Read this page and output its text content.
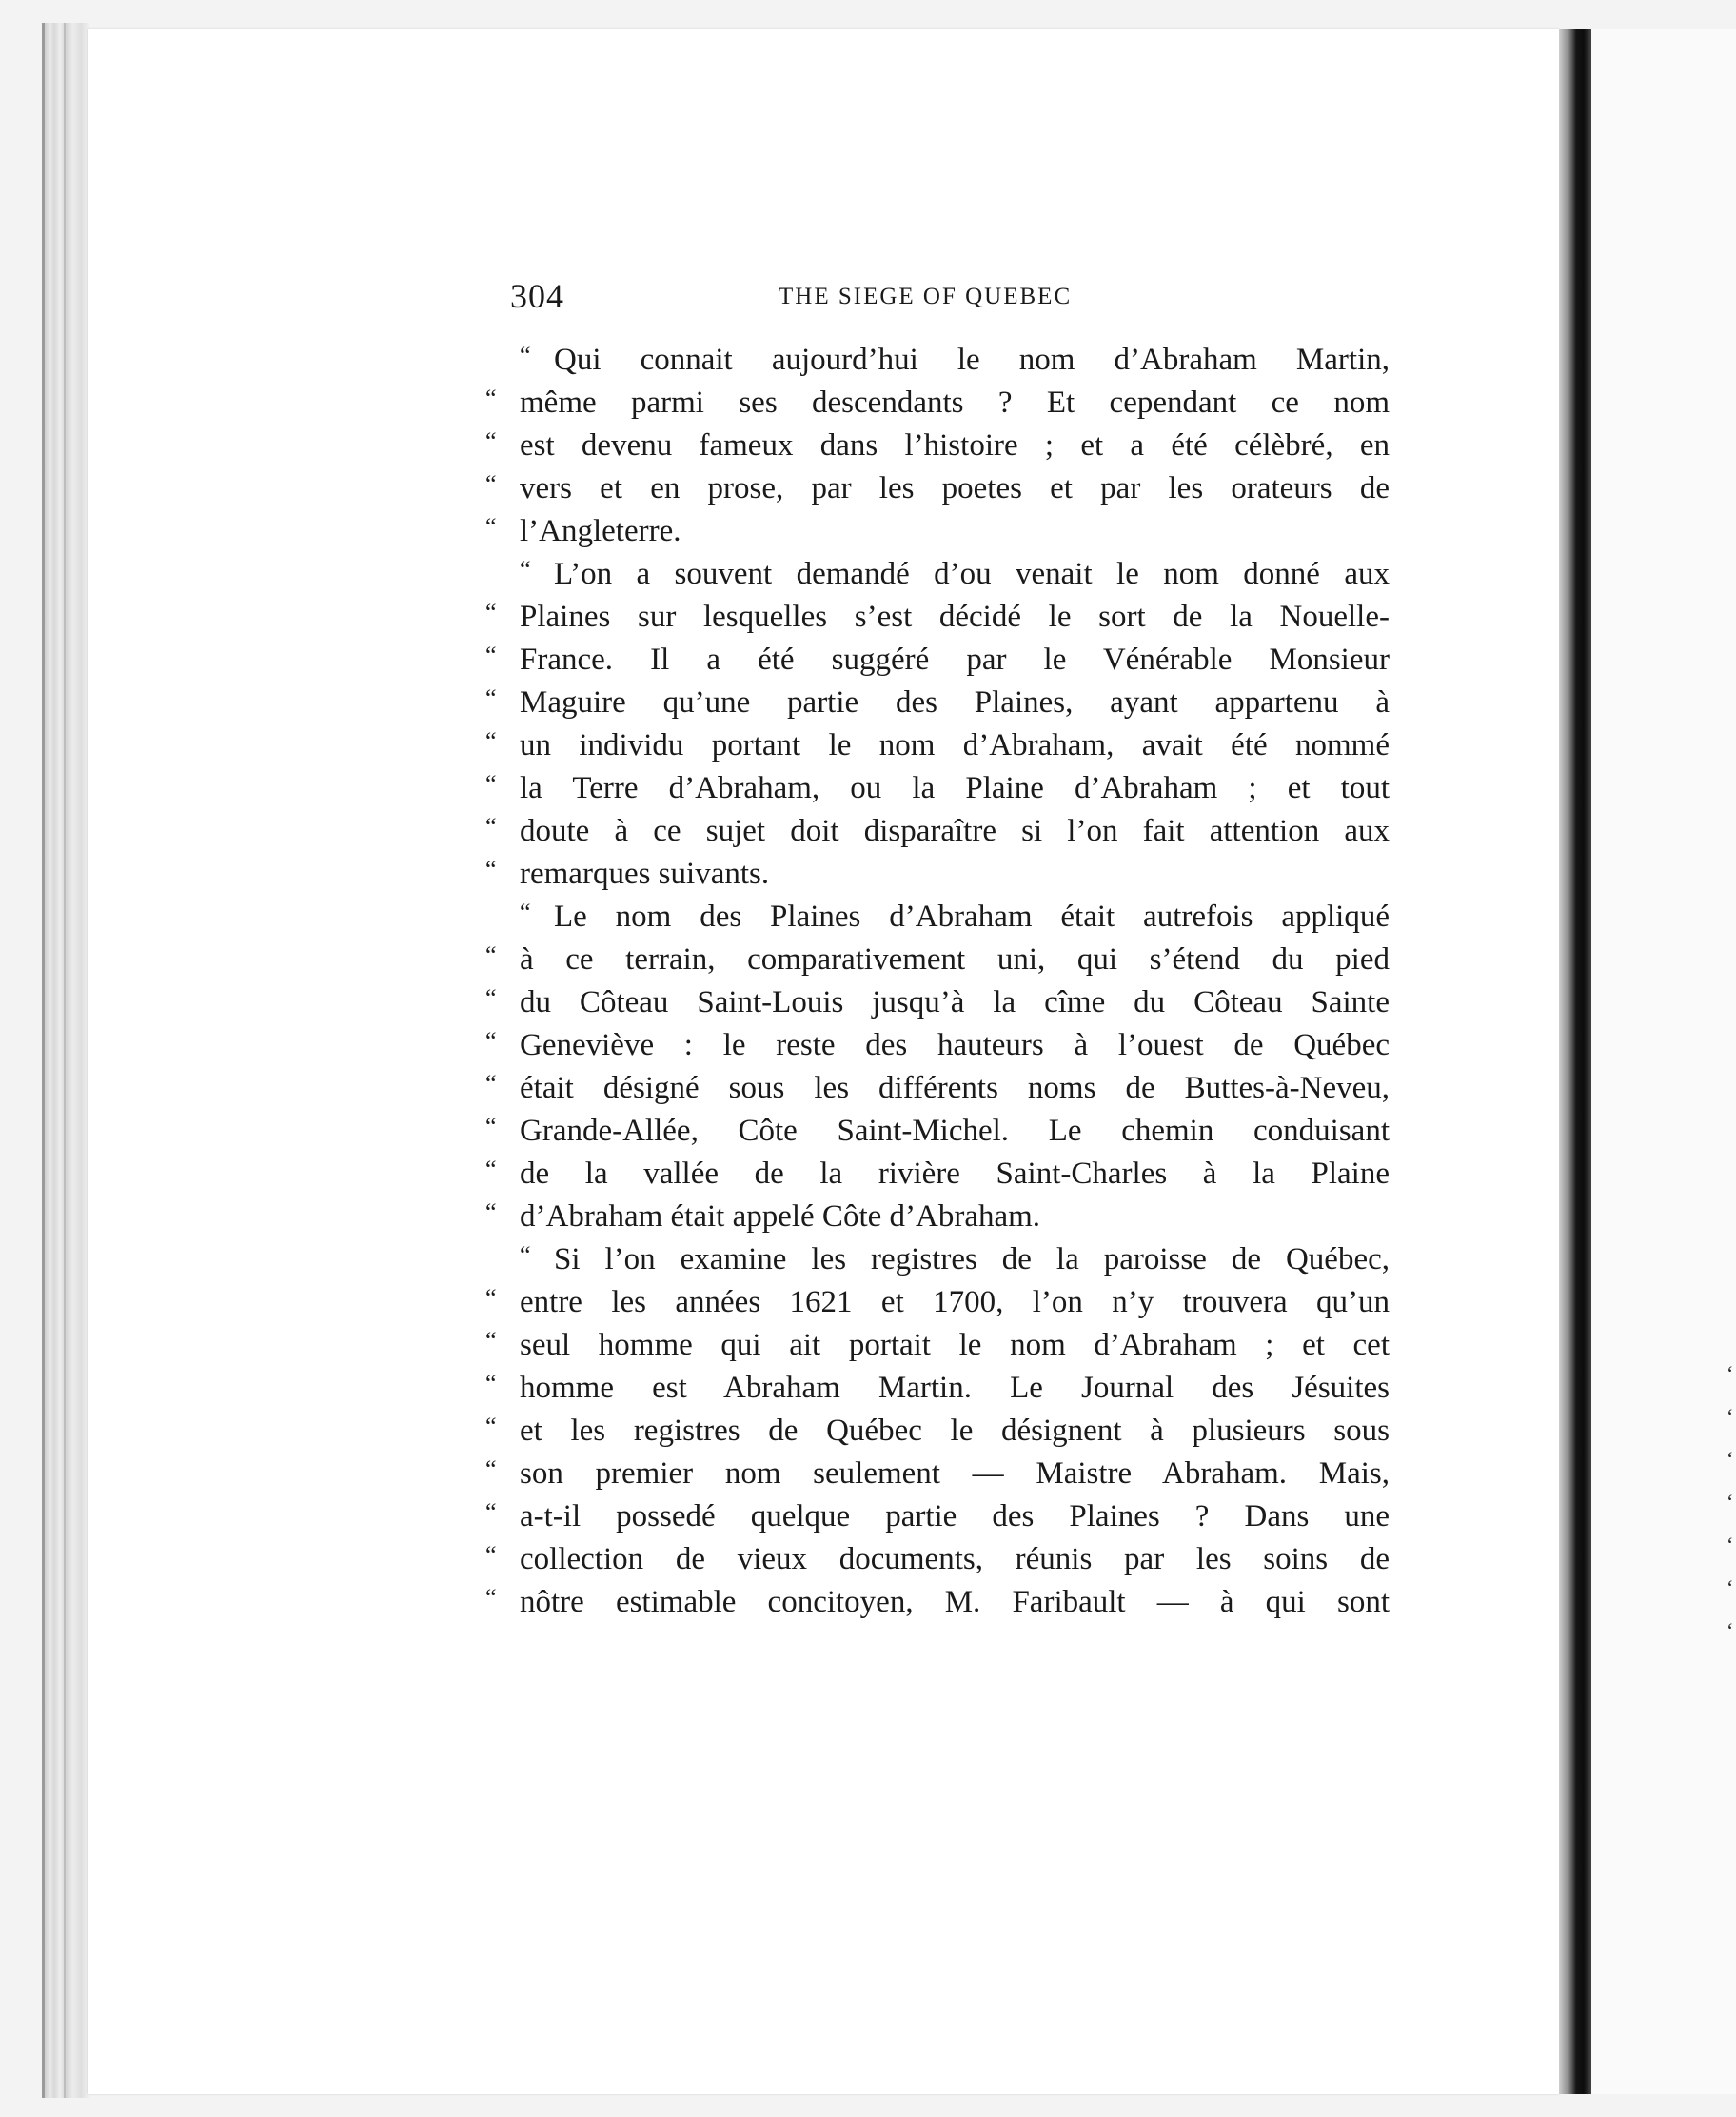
‘
‘
‘
‘
‘
‘
‘
304	THE SIEGE OF QUEBEC
“ Qui connait aujourd’hui le nom d’Abraham Martin,
“ même parmi ses descendants ? Et cependant ce nom
“ est devenu fameux dans l’histoire ; et a été célèbré, en
“ vers et en prose, par les poetes et par les orateurs de
“ l’Angleterre.
“ L’on a souvent demandé d’ou venait le nom donné aux
“ Plaines sur lesquelles s’est décidé le sort de la Nouelle-
“ France. Il a été suggéré par le Vénérable Monsieur
“ Maguire qu’une partie des Plaines, ayant appartenu à
“ un individu portant le nom d’Abraham, avait été nommé
“ la Terre d’Abraham, ou la Plaine d’Abraham ; et tout
“ doute à ce sujet doit disparaître si l’on fait attention aux
“ remarques suivants.
“ Le nom des Plaines d’Abraham était autrefois appliqué
“ à ce terrain, comparativement uni, qui s’étend du pied
“ du Côteau Saint-Louis jusqu’à la cîme du Côteau Sainte
“ Geneviève : le reste des hauteurs à l’ouest de Québec
“ était désigné sous les différents noms de Buttes-à-Neveu,
“ Grande-Allée, Côte Saint-Michel. Le chemin conduisant
“ de la vallée de la rivière Saint-Charles à la Plaine
“ d’Abraham était appelé Côte d’Abraham.
“ Si l’on examine les registres de la paroisse de Québec,
“ entre les années 1621 et 1700, l’on n’y trouvera qu’un
“ seul homme qui ait portait le nom d’Abraham ; et cet
“ homme est Abraham Martin. Le Journal des Jésuites
“ et les registres de Québec le désignent à plusieurs sous
“ son premier nom seulement — Maistre Abraham. Mais,
“ a-t-il possedé quelque partie des Plaines ? Dans une
“ collection de vieux documents, réunis par les soins de
“ nôtre estimable concitoyen, M. Faribault — à qui sont
